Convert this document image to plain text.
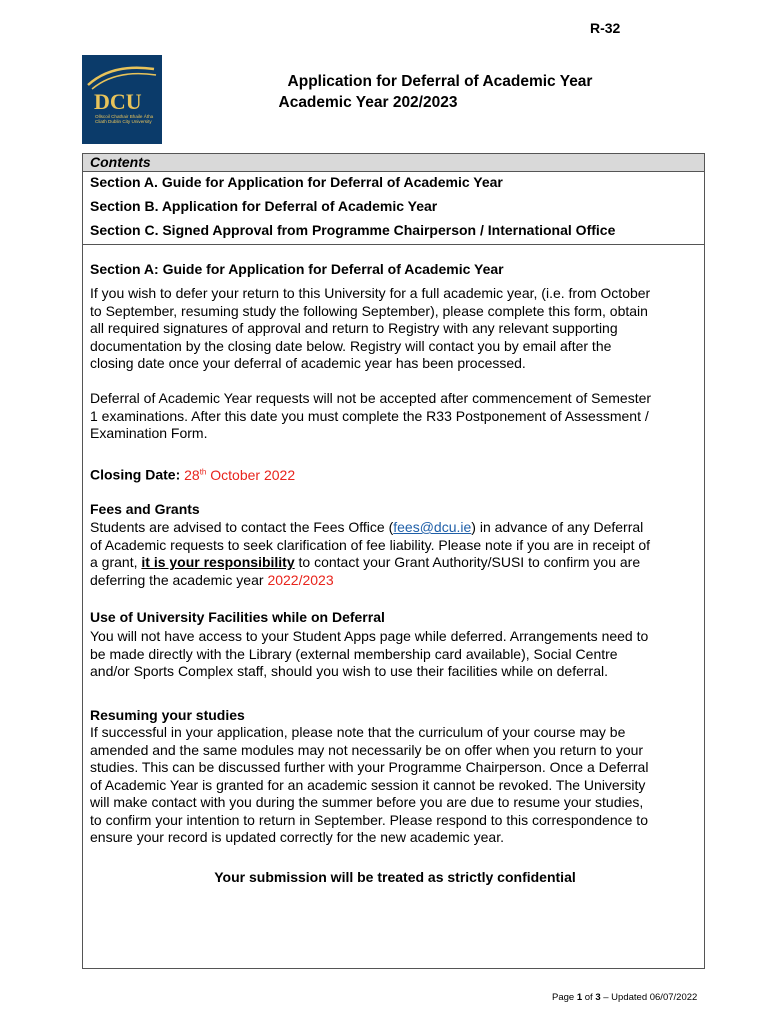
R-32
DCU
Ollscoil Chathair Bhaile Átha Cliath Dublin City University
Application for Deferral of Academic Year
Academic Year 202/2023
Contents
Section A. Guide for Application for Deferral of Academic Year
Section B. Application for Deferral of Academic Year
Section C. Signed Approval from Programme Chairperson / International Office
Section A: Guide for Application for Deferral of Academic Year
If you wish to defer your return to this University for a full academic year, (i.e. from October
to September, resuming study the following September), please complete this form, obtain
all required signatures of approval and return to Registry with any relevant supporting
documentation by the closing date below. Registry will contact you by email after the
closing date once your deferral of academic year has been processed.
Deferral of Academic Year requests will not be accepted after commencement of Semester
1 examinations. After this date you must complete the R33 Postponement of Assessment /
Examination Form.
Closing Date: 28th October 2022
Fees and Grants
Students are advised to contact the Fees Office (fees@dcu.ie) in advance of any Deferral
of Academic requests to seek clarification of fee liability. Please note if you are in receipt of
a grant, it is your responsibility to contact your Grant Authority/SUSI to confirm you are
deferring the academic year 2022/2023
Use of University Facilities while on Deferral
You will not have access to your Student Apps page while deferred. Arrangements need to
be made directly with the Library (external membership card available), Social Centre
and/or Sports Complex staff, should you wish to use their facilities while on deferral.
Resuming your studies
If successful in your application, please note that the curriculum of your course may be
amended and the same modules may not necessarily be on offer when you return to your
studies. This can be discussed further with your Programme Chairperson. Once a Deferral
of Academic Year is granted for an academic session it cannot be revoked. The University
will make contact with you during the summer before you are due to resume your studies,
to confirm your intention to return in September. Please respond to this correspondence to
ensure your record is updated correctly for the new academic year.
Your submission will be treated as strictly confidential
Page 1 of 3 – Updated 06/07/2022
